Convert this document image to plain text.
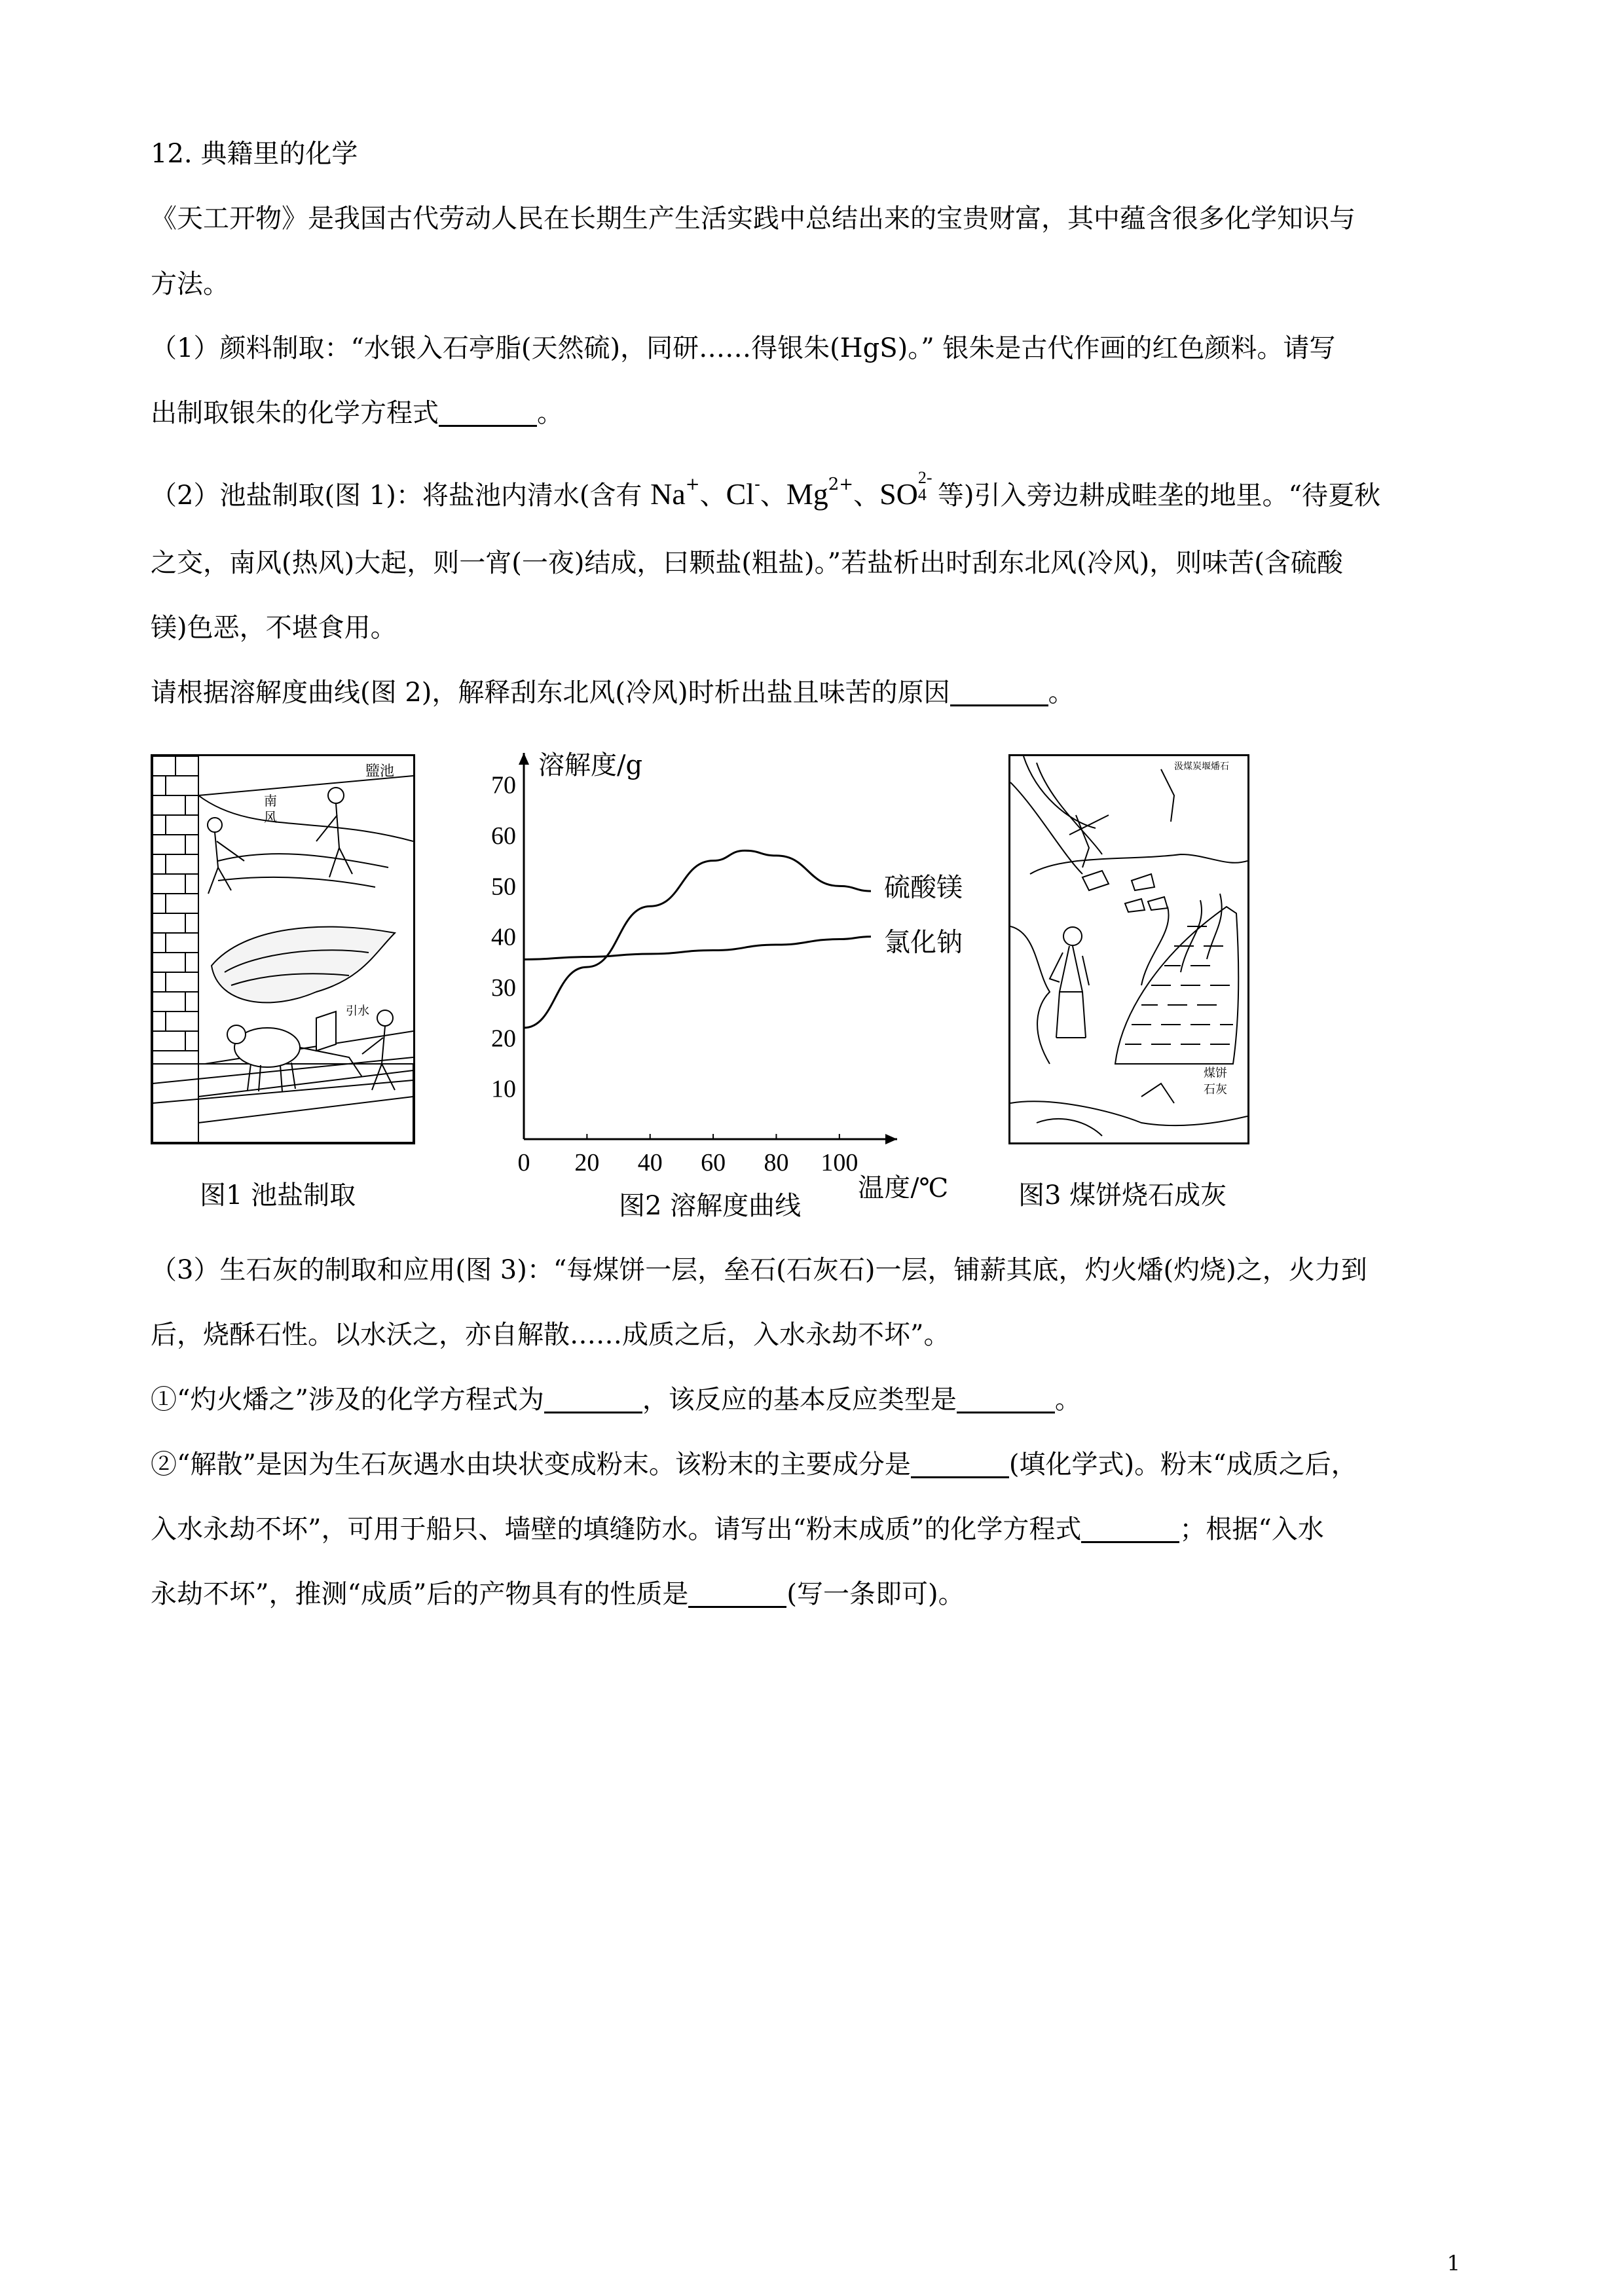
12. 典籍里的化学
《天工开物》是我国古代劳动人民在长期生产生活实践中总结出来的宝贵财富，其中蕴含很多化学知识与
方法。
（1）颜料制取：“水银入石亭脂(天然硫)，同研……得银朱(HgS)。” 银朱是古代作画的红色颜料。请写
出制取银朱的化学方程式	。
（2）池盐制取(图 1)：将盐池内清水(含有 Na+、Cl-、$Mg^{2+}$、SO 2-
4 等)引入旁边耕成畦垄的地里。“待夏秋
之交，南风(热风)大起，则一宵(一夜)结成，曰颗盐(粗盐)。”若盐析出时刮东北风(冷风)，则味苦(含硫酸
镁)色恶，不堪食用。
请根据溶解度曲线(图 2)，解释刮东北风(冷风)时析出盐且味苦的原因	。
盬池
南
风
引水
图1 池盐制取
0 20 40 60 80 100
10
20
30
40
50
60
70
溶解度/g
温度/℃
硫酸镁
氯化钠
图2 溶解度曲线
汲煤炭堰燔石
煤饼
石灰
图3 煤饼烧石成灰
（3）生石灰的制取和应用(图 3)：“每煤饼一层，垒石(石灰石)一层，铺薪其底，灼火燔(灼烧)之，火力到
后，烧酥石性。以水沃之，亦自解散……成质之后，入水永劫不坏”。
①“灼火燔之”涉及的化学方程式为	，该反应的基本反应类型是	。
②“解散”是因为生石灰遇水由块状变成粉末。该粉末的主要成分是	(填化学式)。粉末“成质之后，
入水永劫不坏”，可用于船只、墙壁的填缝防水。请写出“粉末成质”的化学方程式	；根据“入水
永劫不坏”，推测“成质”后的产物具有的性质是	(写一条即可)。
1
